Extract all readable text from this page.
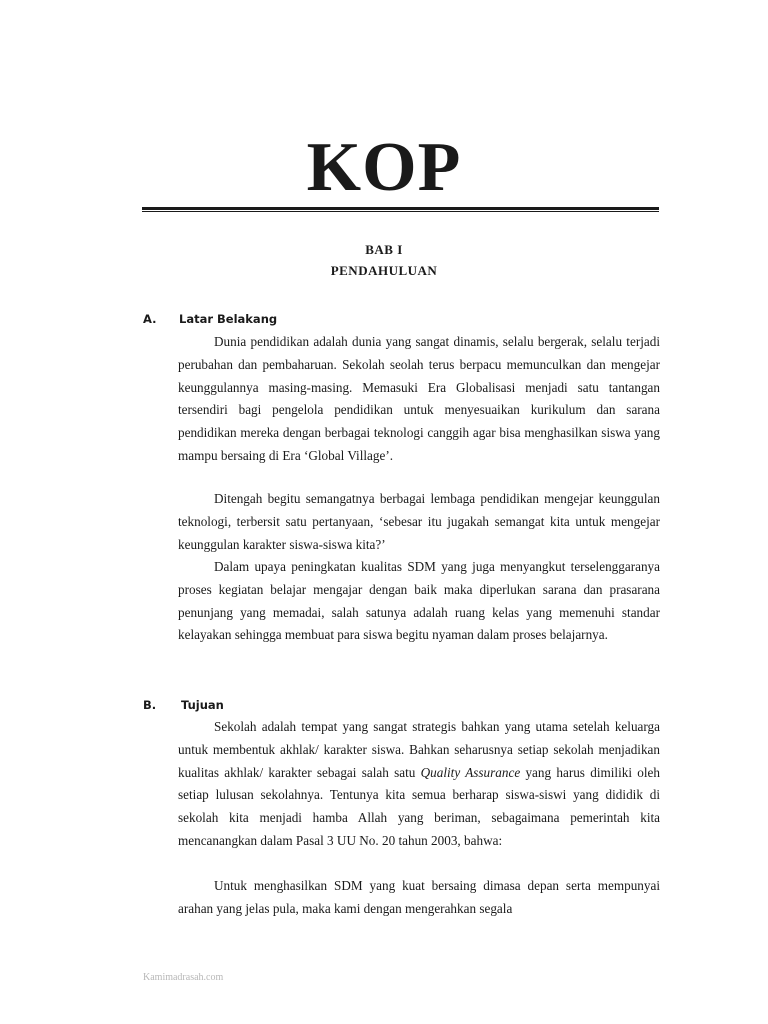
KOP
BAB I
PENDAHULUAN
A. Latar Belakang

Dunia pendidikan adalah dunia yang sangat dinamis, selalu bergerak, selalu terjadi perubahan dan pembaharuan. Sekolah seolah terus berpacu memunculkan dan mengejar keunggulannya masing-masing. Memasuki Era Globalisasi menjadi satu tantangan tersendiri bagi pengelola pendidikan untuk menyesuaikan kurikulum dan sarana pendidikan mereka dengan berbagai teknologi canggih agar bisa menghasilkan siswa yang mampu bersaing di Era ‘Global Village’.

Ditengah begitu semangatnya berbagai lembaga pendidikan mengejar keunggulan teknologi, terbersit satu pertanyaan, ‘sebesar itu jugakah semangat kita untuk mengejar keunggulan karakter siswa-siswa kita?’

Dalam upaya peningkatan kualitas SDM yang juga menyangkut terselenggaranya proses kegiatan belajar mengajar dengan baik maka diperlukan sarana dan prasarana penunjang yang memadai, salah satunya adalah ruang kelas yang memenuhi standar kelayakan sehingga membuat para siswa begitu nyaman dalam proses belajarnya.

B. Tujuan

Sekolah adalah tempat yang sangat strategis bahkan yang utama setelah keluarga untuk membentuk akhlak/ karakter siswa. Bahkan seharusnya setiap sekolah menjadikan kualitas akhlak/ karakter sebagai salah satu Quality Assurance yang harus dimiliki oleh setiap lulusan sekolahnya. Tentunya kita semua berharap siswa-siswi yang dididik di sekolah kita menjadi hamba Allah yang beriman, sebagaimana pemerintah kita mencanangkan dalam Pasal 3 UU No. 20 tahun 2003, bahwa:

Untuk menghasilkan SDM yang kuat bersaing dimasa depan serta mempunyai arahan yang jelas pula, maka kami dengan mengerahkan segala

Kamimadrasah.com
